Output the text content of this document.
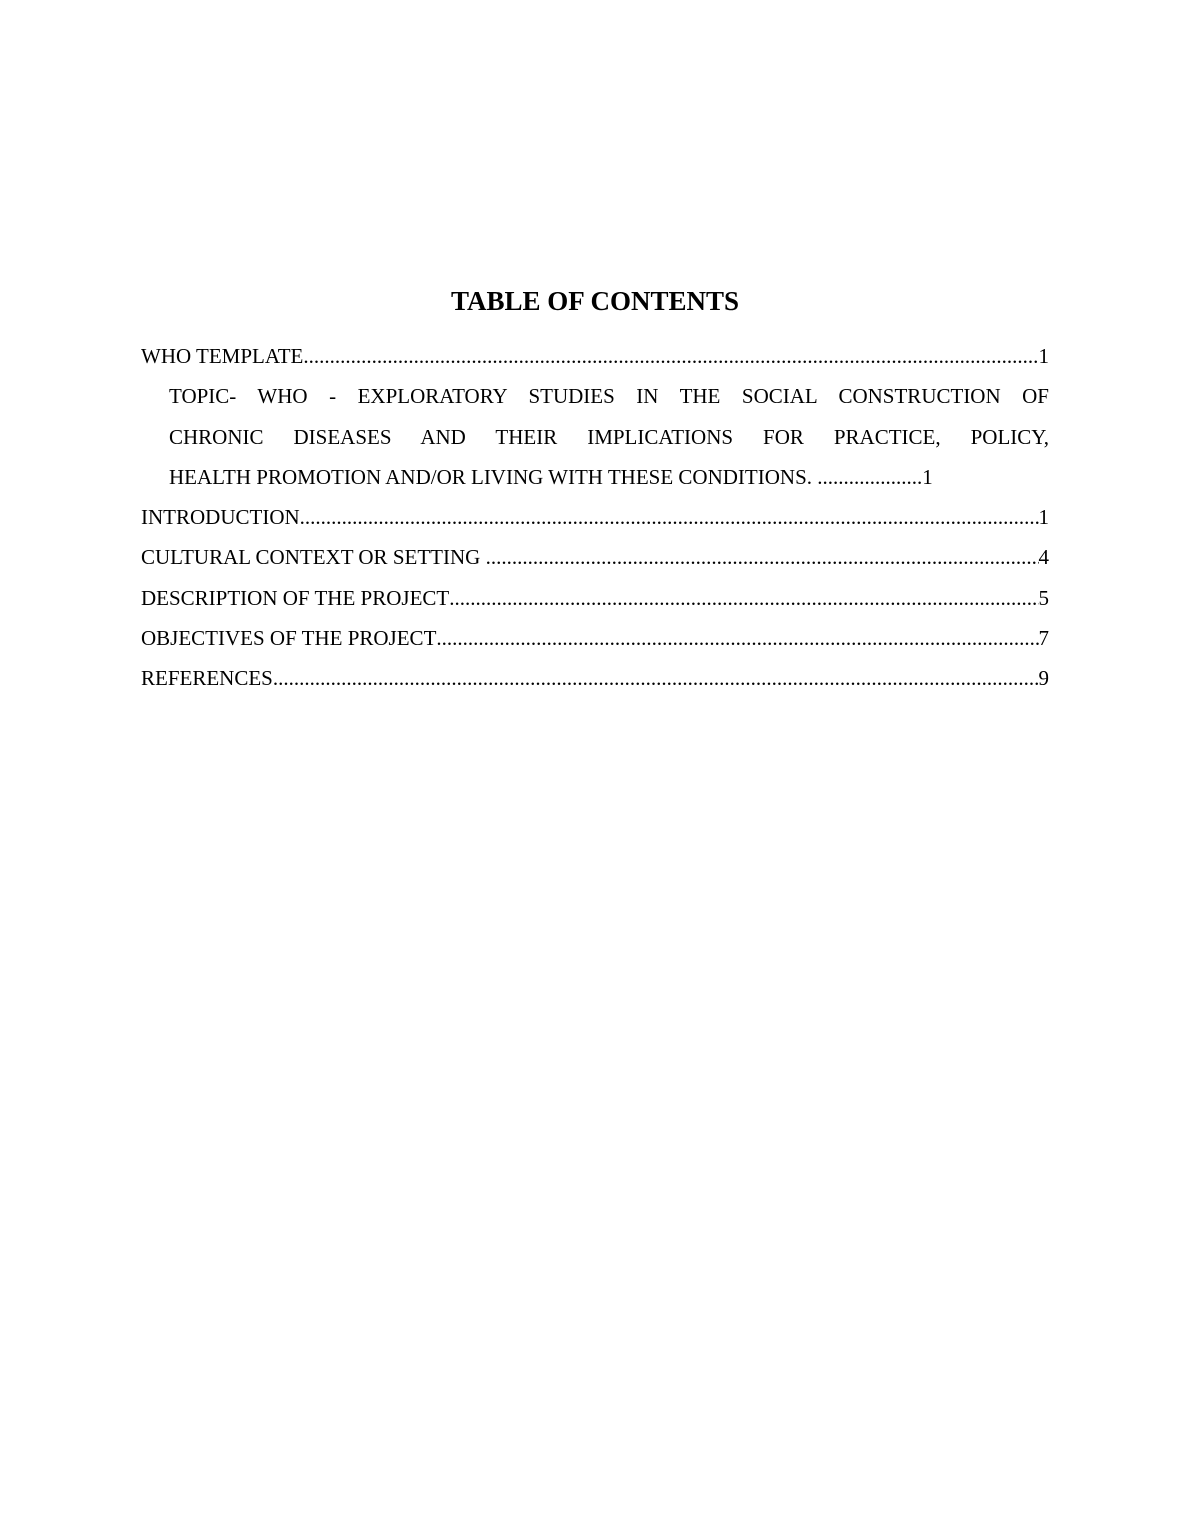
TABLE OF CONTENTS
WHO TEMPLATE .....	1
TOPIC- WHO - EXPLORATORY STUDIES IN THE SOCIAL CONSTRUCTION OF
CHRONIC DISEASES AND THEIR IMPLICATIONS FOR PRACTICE, POLICY,
HEALTH PROMOTION AND/OR LIVING WITH THESE CONDITIONS. ....................1
INTRODUCTION .....	1
CULTURAL CONTEXT OR SETTING .....	4
DESCRIPTION OF THE PROJECT .....	5
OBJECTIVES OF THE PROJECT .....	7
REFERENCES .....	9
